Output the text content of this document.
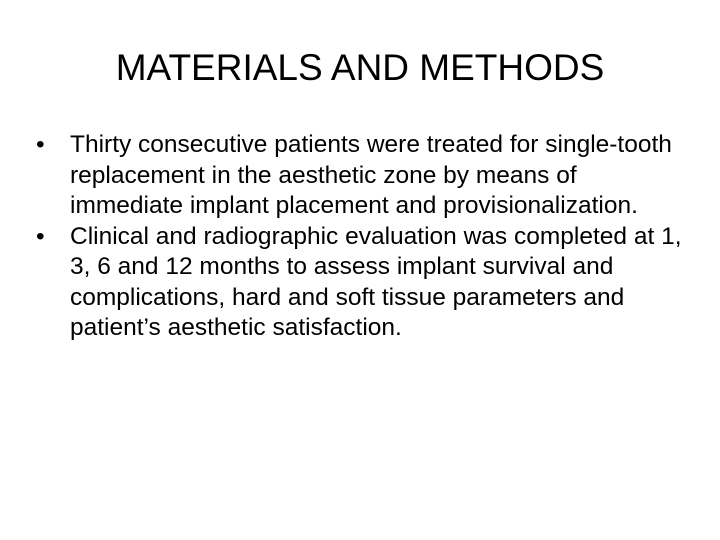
MATERIALS AND METHODS
•	Thirty consecutive patients were treated for single-tooth replacement in the aesthetic zone by means of immediate implant placement and provisionalization.
•	Clinical and radiographic evaluation was completed at 1, 3, 6 and 12 months to assess implant survival and complications, hard and soft tissue parameters and patient’s aesthetic satisfaction.
